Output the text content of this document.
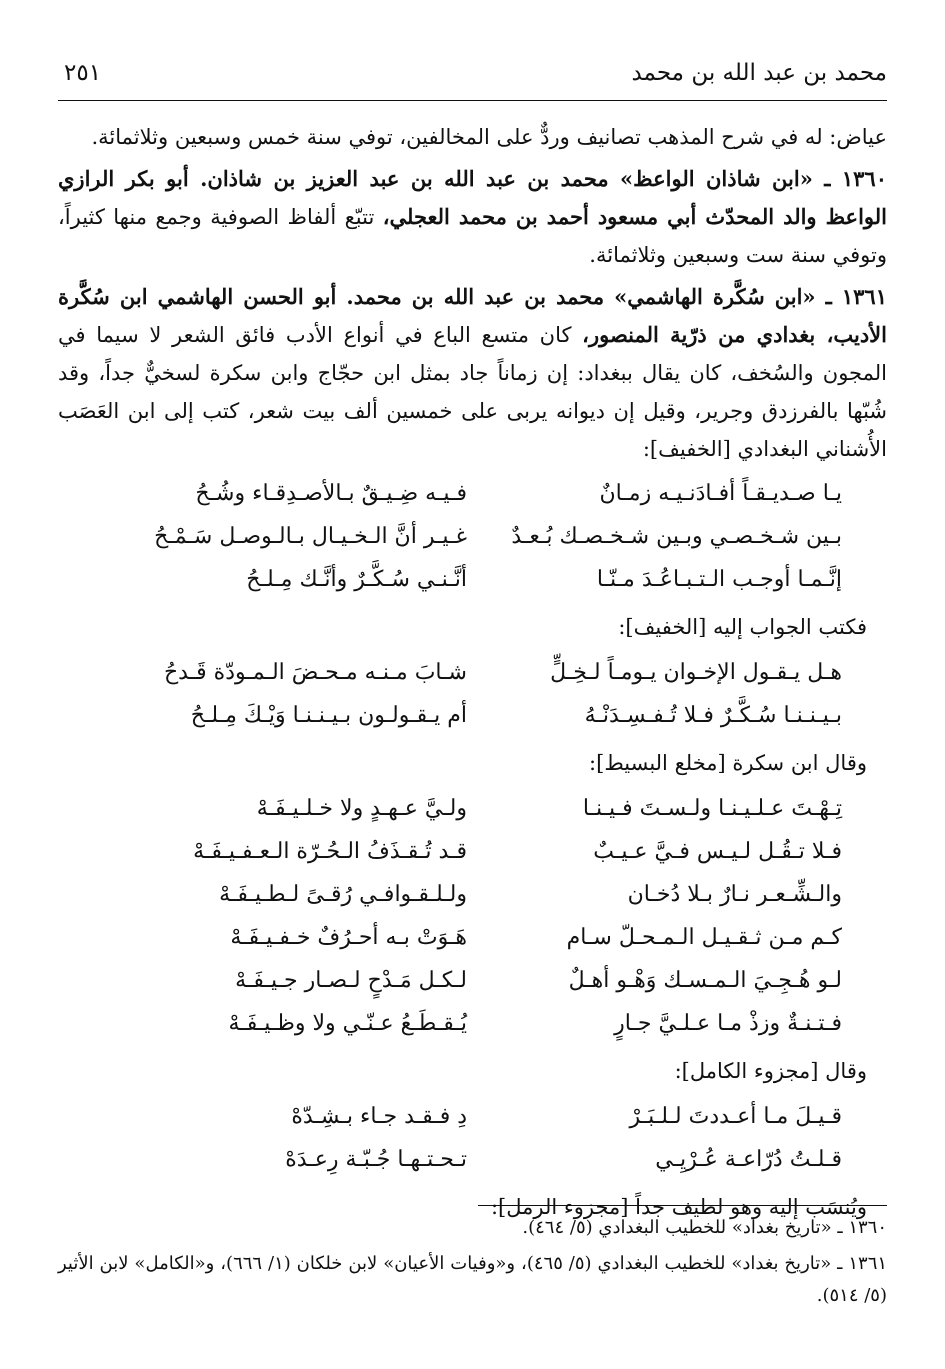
محمد بن عبد الله بن محمد
٢٥١

عياض: له في شرح المذهب تصانيف وردٌّ على المخالفين، توفي سنة خمس وسبعين وثلاثمائة.

١٣٦٠ ـ «ابن شاذان الواعظ» محمد بن عبد الله بن عبد العزيز بن شاذان. أبو بكر الرازي الواعظ والد المحدّث أبي مسعود أحمد بن محمد العجلي، تتبّع ألفاظ الصوفية وجمع منها كثيراً، وتوفي سنة ست وسبعين وثلاثمائة.

١٣٦١ ـ «ابن سُكَّرة الهاشمي» محمد بن عبد الله بن محمد. أبو الحسن الهاشمي ابن سُكَّرة الأديب، بغدادي من ذرّية المنصور، كان متسع الباع في أنواع الأدب فائق الشعر لا سيما في المجون والسُخف، كان يقال ببغداد: إن زماناً جاد بمثل ابن حجّاج وابن سكرة لسخيٌّ جداً، وقد شُبّها بالفرزدق وجرير، وقيل إن ديوانه يربى على خمسين ألف بيت شعر، كتب إلى ابن العَصَب الأُشناني البغدادي [الخفيف]:

يـا صـديـقـاً أفـادَنـيـه زمـانٌ
فـيـه ضِـيـقٌ بـالأصـدِقـاء وشُـحُ
بـين شـخـصـي وبـين شـخـصـك بُـعـدٌ
غـيـر أنَّ الـخـيـال بـالـوصـل سَـمْـحُ
إنَّـمـا أوجـب الـتـبـاعُـدَ مـنّـا
أنَّـنـي سُـكَّـرٌ وأنَّـك مِـلـحُ

فكتب الجواب إليه [الخفيف]:

هـل يـقـول الإخـوان يـومـاً لـخِـلٍّ
شـابَ مـنـه مـحـضَ الـمـودّة قَـدحُ
بـيـنـنـا سُـكَّـرٌ فـلا تُـفـسِـدَنْـهُ
أم يـقـولـون بـيـنـنـا وَيْـكَ مِـلـحُ

وقال ابن سكرة [مخلع البسيط]:

تِـهْـتَ عـلـيـنـا ولـسـتَ فـيـنـا
ولـيَّ عـهـدٍ ولا خـلـيـفَـهْ
فـلا تـقُـل لـيـس فـيَّ عـيـبٌ
قـد تُـقـذَفُ الـحُـرّة الـعـفـيـفَـهْ
والـشِّـعـر نـارٌ بـلا دُخـان
ولـلـقـوافـي رُقـىً لـطـيـفَـهْ
كـم مـن ثـقـيـل الـمـحـلّ سـام
هَـوَتْ بـه أحـرُفٌ خـفـيـفَـهْ
لـو هُـجِـيَ الـمـسـك وَهْـو أهـلٌ
لـكـل مَـدْحٍ لـصـار جـيـفَـهْ
فـتـنـةٌ وزذْ مـا عـلـيَّ جـارٍ
يُـقـطَـعُ عـنّـي ولا وظـيـفَـهْ

وقال [مجزوء الكامل]:

قـيـلَ مـا أعـددتَ لـلـبَـرْ
دِ فـقـد جـاء بـشِـدّهْ
قـلـتُ دُرّاعـة عُـرْيِـي
تـحـتـهـا جُـبّـة رِعـدَهْ

ويُنسَب إليه وهو لطيف جداً [مجزوء الرمل]:

١٣٦٠ ـ «تاريخ بغداد» للخطيب البغدادي (٥/ ٤٦٤).

١٣٦١ ـ «تاريخ بغداد» للخطيب البغدادي (٥/ ٤٦٥)، و«وفيات الأعيان» لابن خلكان (١/ ٦٦٦)، و«الكامل» لابن الأثير (٥/ ٥١٤).
